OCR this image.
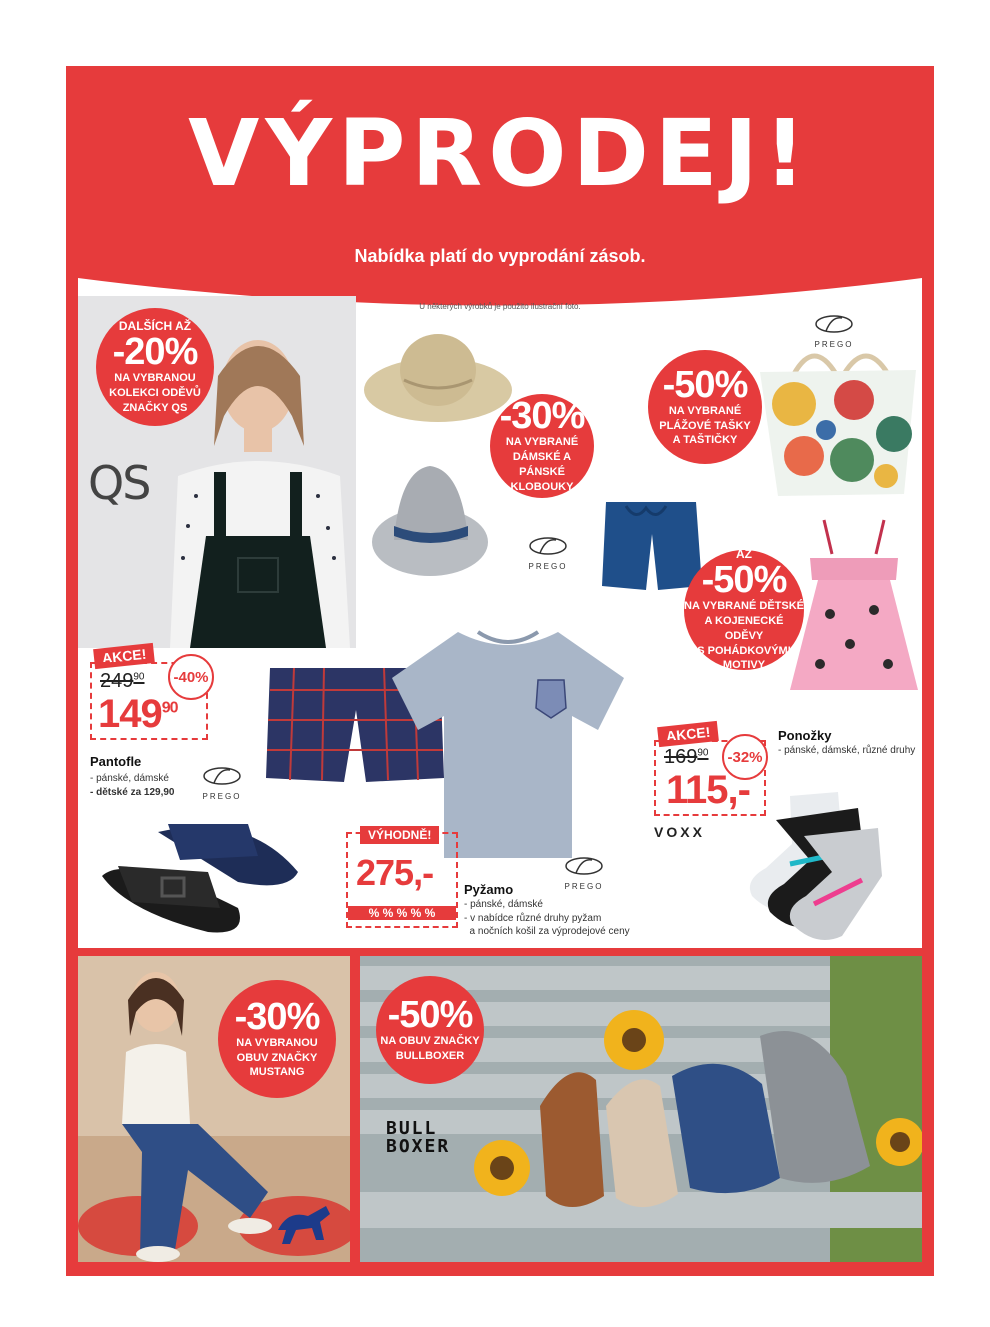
VÝPRODEJ!
Nabídka platí do vyprodání zásob.
U některých výrobků je použito ilustrační foto.
QS
DALŠÍCH AŽ
-20%
NA VYBRANOU
KOLEKCI ODĚVŮ
ZNAČKY QS	-30%
NA VYBRANÉ
DÁMSKÉ A PÁNSKÉ
KLOBOUKY
PREGO
PREGO
-50%
NA VYBRANÉ
PLÁŽOVÉ TAŠKY
A TAŠTIČKY
AŽ
-50%
NA VYBRANÉ DĚTSKÉ
A KOJENECKÉ ODĚVY
S POHÁDKOVÝMI
MOTIVY
AKCE!
$249^{90}$	-40%
$149^{90}$
Pantofle
- pánské, dámské
- dětské za 129,90	PREGO
VÝHODNĚ!
275,-
% % % % %
Pyžamo
- pánské, dámské
- v nabídce různé druhy pyžam
a nočních košil za výprodejové ceny
PREGO
AKCE!
$169^{90}$	-32%
115,-
Ponožky
- pánské, dámské, různé druhy
VOXX
-30%
NA VYBRANOU
OBUV ZNAČKY
MUSTANG
-50%
NA OBUV ZNAČKY
BULLBOXER
BULL
BOXER
